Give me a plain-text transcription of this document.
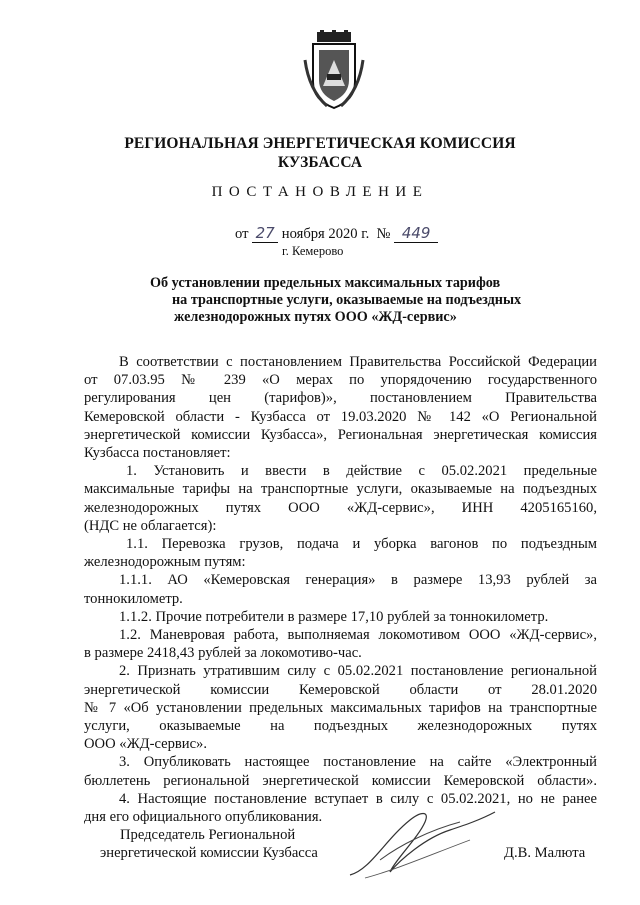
РЕГИОНАЛЬНАЯ ЭНЕРГЕТИЧЕСКАЯ КОМИССИЯ
КУЗБАССА
ПОСТАНОВЛЕНИЕ
от 27 ноября 2020 г. № 449
г. Кемерово
Об установлении предельных максимальных тарифов
на транспортные услуги, оказываемые на подъездных
железнодорожных путях ООО «ЖД-сервис»
В соответствии с постановлением Правительства Российской Федерации
от 07.03.95 № 239 «О мерах по упорядочению государственного
регулирования цен (тарифов)», постановлением Правительства
Кемеровской области - Кузбасса от 19.03.2020 № 142 «О Региональной
энергетической комиссии Кузбасса», Региональная энергетическая комиссия
Кузбасса постановляет:
1. Установить и ввести в действие с 05.02.2021 предельные
максимальные тарифы на транспортные услуги, оказываемые на подъездных
железнодорожных путях ООО «ЖД-сервис», ИНН 4205165160,
(НДС не облагается):
1.1. Перевозка грузов, подача и уборка вагонов по подъездным
железнодорожным путям:
1.1.1. АО «Кемеровская генерация» в размере 13,93 рублей за
тоннокилометр.
1.1.2. Прочие потребители в размере 17,10 рублей за тоннокилометр.
1.2. Маневровая работа, выполняемая локомотивом ООО «ЖД-сервис»,
в размере 2418,43 рублей за локомотиво-час.
2. Признать утратившим силу с 05.02.2021 постановление региональной
энергетической комиссии Кемеровской области от 28.01.2020
№ 7 «Об установлении предельных максимальных тарифов на транспортные
услуги, оказываемые на подъездных железнодорожных путях
ООО «ЖД-сервис».
3. Опубликовать настоящее постановление на сайте «Электронный
бюллетень региональной энергетической комиссии Кемеровской области».
4. Настоящие постановление вступает в силу с 05.02.2021, но не ранее
дня его официального опубликования.
Председатель Региональной
энергетической комиссии Кузбасса	Д.В. Малюта
